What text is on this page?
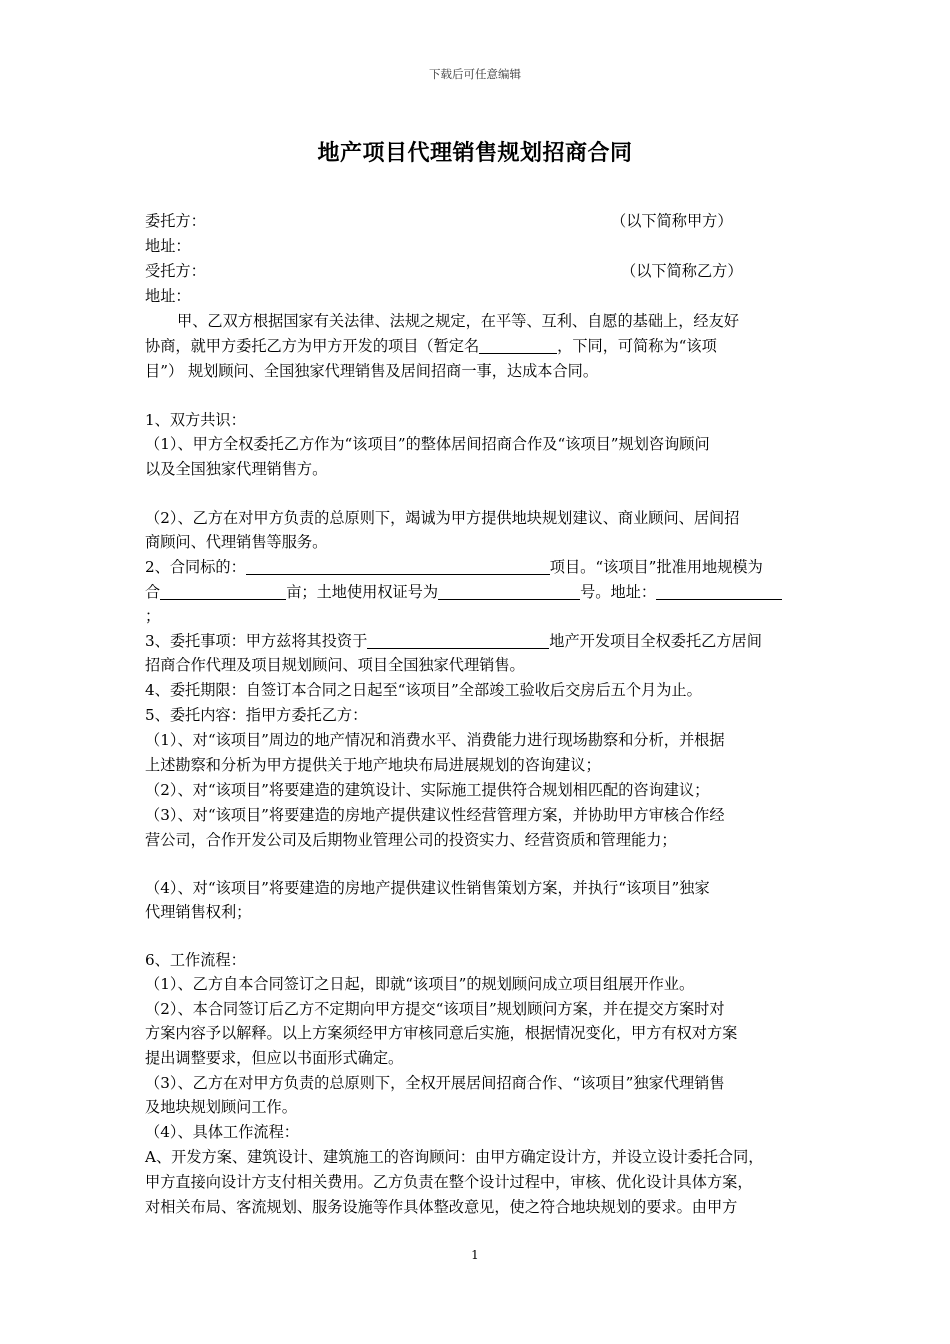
下载后可任意编辑
地产项目代理销售规划招商合同
委托方：	（以下简称甲方）
地址：
受托方：	（以下简称乙方）
地址：
甲、乙双方根据国家有关法律、法规之规定，在平等、互利、自愿的基础上，经友好
协商，就甲方委托乙方为甲方开发的项目（暂定名	，下同，可简称为“该项
目”） 规划顾问、全国独家代理销售及居间招商一事，达成本合同。
1、双方共识：
（1）、甲方全权委托乙方作为“该项目”的整体居间招商合作及“该项目”规划咨询顾问
以及全国独家代理销售方。
（2）、乙方在对甲方负责的总原则下，竭诚为甲方提供地块规划建议、商业顾问、居间招
商顾问、代理销售等服务。
2、合同标的：	项目。“该项目”批准用地规模为
合	亩；土地使用权证号为	号。地址：
；
3、委托事项：甲方兹将其投资于	地产开发项目全权委托乙方居间
招商合作代理及项目规划顾问、项目全国独家代理销售。
4、委托期限：自签订本合同之日起至“该项目”全部竣工验收后交房后五个月为止。
5、委托内容：指甲方委托乙方：
（1）、对“该项目”周边的地产情况和消费水平、消费能力进行现场勘察和分析，并根据
上述勘察和分析为甲方提供关于地产地块布局进展规划的咨询建议；
（2）、对“该项目”将要建造的建筑设计、实际施工提供符合规划相匹配的咨询建议；
（3）、对“该项目”将要建造的房地产提供建议性经营管理方案，并协助甲方审核合作经
营公司，合作开发公司及后期物业管理公司的投资实力、经营资质和管理能力；
（4）、对“该项目”将要建造的房地产提供建议性销售策划方案，并执行“该项目”独家
代理销售权利；
6、工作流程：
（1）、乙方自本合同签订之日起，即就“该项目”的规划顾问成立项目组展开作业。
（2）、本合同签订后乙方不定期向甲方提交“该项目”规划顾问方案，并在提交方案时对
方案内容予以解释。以上方案须经甲方审核同意后实施，根据情况变化，甲方有权对方案
提出调整要求，但应以书面形式确定。
（3）、乙方在对甲方负责的总原则下，全权开展居间招商合作、“该项目”独家代理销售
及地块规划顾问工作。
（4）、具体工作流程：
A、开发方案、建筑设计、建筑施工的咨询顾问：由甲方确定设计方，并设立设计委托合同，
甲方直接向设计方支付相关费用。乙方负责在整个设计过程中，审核、优化设计具体方案，
对相关布局、客流规划、服务设施等作具体整改意见，使之符合地块规划的要求。由甲方
1
